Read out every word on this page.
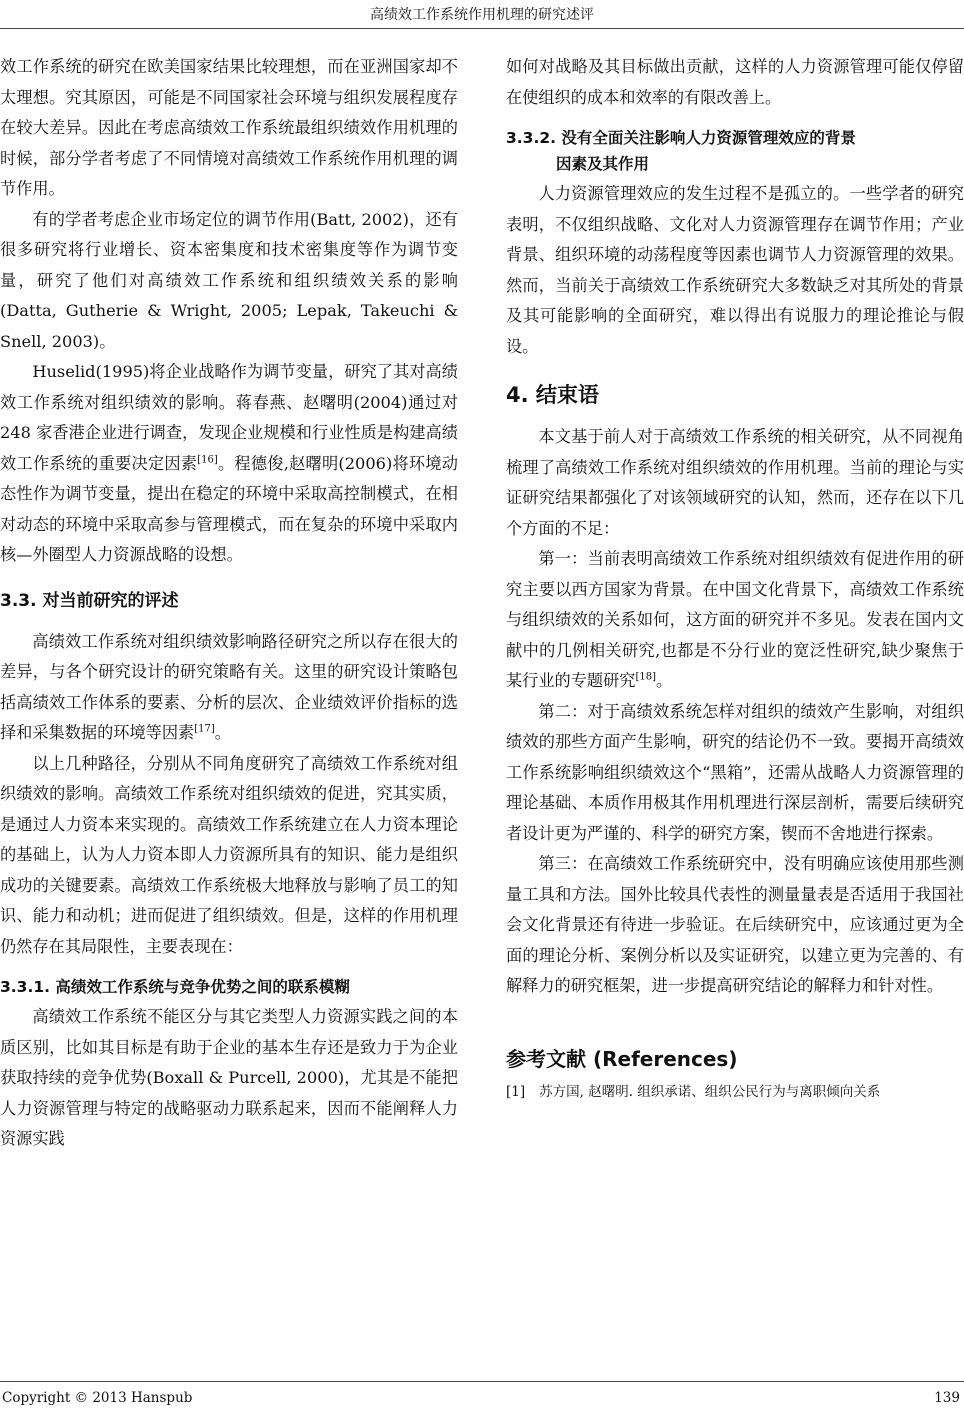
高绩效工作系统作用机理的研究述评

效工作系统的研究在欧美国家结果比较理想，而在亚洲国家却不太理想。究其原因，可能是不同国家社会环境与组织发展程度存在较大差异。因此在考虑高绩效工作系统最组织绩效作用机理的时候，部分学者考虑了不同情境对高绩效工作系统作用机理的调节作用。

有的学者考虑企业市场定位的调节作用(Batt, 2002)，还有很多研究将行业增长、资本密集度和技术密集度等作为调节变量，研究了他们对高绩效工作系统和组织绩效关系的影响(Datta, Gutherie & Wright, 2005; Lepak, Takeuchi & Snell, 2003)。

Huselid(1995)将企业战略作为调节变量，研究了其对高绩效工作系统对组织绩效的影响。蒋春燕、赵曙明(2004)通过对 248 家香港企业进行调查，发现企业规模和行业性质是构建高绩效工作系统的重要决定因素[16]。程德俊,赵曙明(2006)将环境动态性作为调节变量，提出在稳定的环境中采取高控制模式，在相对动态的环境中采取高参与管理模式，而在复杂的环境中采取内核—外圈型人力资源战略的设想。

3.3. 对当前研究的评述

高绩效工作系统对组织绩效影响路径研究之所以存在很大的差异，与各个研究设计的研究策略有关。这里的研究设计策略包括高绩效工作体系的要素、分析的层次、企业绩效评价指标的选择和采集数据的环境等因素[17]。

以上几种路径，分别从不同角度研究了高绩效工作系统对组织绩效的影响。高绩效工作系统对组织绩效的促进，究其实质，是通过人力资本来实现的。高绩效工作系统建立在人力资本理论的基础上，认为人力资本即人力资源所具有的知识、能力是组织成功的关键要素。高绩效工作系统极大地释放与影响了员工的知识、能力和动机；进而促进了组织绩效。但是，这样的作用机理仍然存在其局限性，主要表现在：

3.3.1. 高绩效工作系统与竞争优势之间的联系模糊

高绩效工作系统不能区分与其它类型人力资源实践之间的本质区别，比如其目标是有助于企业的基本生存还是致力于为企业获取持续的竞争优势(Boxall & Purcell, 2000)，尤其是不能把人力资源管理与特定的战略驱动力联系起来，因而不能阐释人力资源实践

如何对战略及其目标做出贡献，这样的人力资源管理可能仅停留在使组织的成本和效率的有限改善上。

3.3.2. 没有全面关注影响人力资源管理效应的背景
因素及其作用

人力资源管理效应的发生过程不是孤立的。一些学者的研究表明，不仅组织战略、文化对人力资源管理存在调节作用；产业背景、组织环境的动荡程度等因素也调节人力资源管理的效果。然而，当前关于高绩效工作系统研究大多数缺乏对其所处的背景及其可能影响的全面研究，难以得出有说服力的理论推论与假设。

4. 结束语

本文基于前人对于高绩效工作系统的相关研究，从不同视角梳理了高绩效工作系统对组织绩效的作用机理。当前的理论与实证研究结果都强化了对该领域研究的认知，然而，还存在以下几个方面的不足：

第一：当前表明高绩效工作系统对组织绩效有促进作用的研究主要以西方国家为背景。在中国文化背景下，高绩效工作系统与组织绩效的关系如何，这方面的研究并不多见。发表在国内文献中的几例相关研究,也都是不分行业的宽泛性研究,缺少聚焦于某行业的专题研究[18]。

第二：对于高绩效系统怎样对组织的绩效产生影响，对组织绩效的那些方面产生影响，研究的结论仍不一致。要揭开高绩效工作系统影响组织绩效这个“黑箱”，还需从战略人力资源管理的理论基础、本质作用极其作用机理进行深层剖析，需要后续研究者设计更为严谨的、科学的研究方案，锲而不舍地进行探索。

第三：在高绩效工作系统研究中，没有明确应该使用那些测量工具和方法。国外比较具代表性的测量量表是否适用于我国社会文化背景还有待进一步验证。在后续研究中，应该通过更为全面的理论分析、案例分析以及实证研究，以建立更为完善的、有解释力的研究框架，进一步提高研究结论的解释力和针对性。

参考文献 (References)
[1] 苏方国, 赵曙明. 组织承诺、组织公民行为与离职倾向关系
Copyright © 2013 Hanspub	139
